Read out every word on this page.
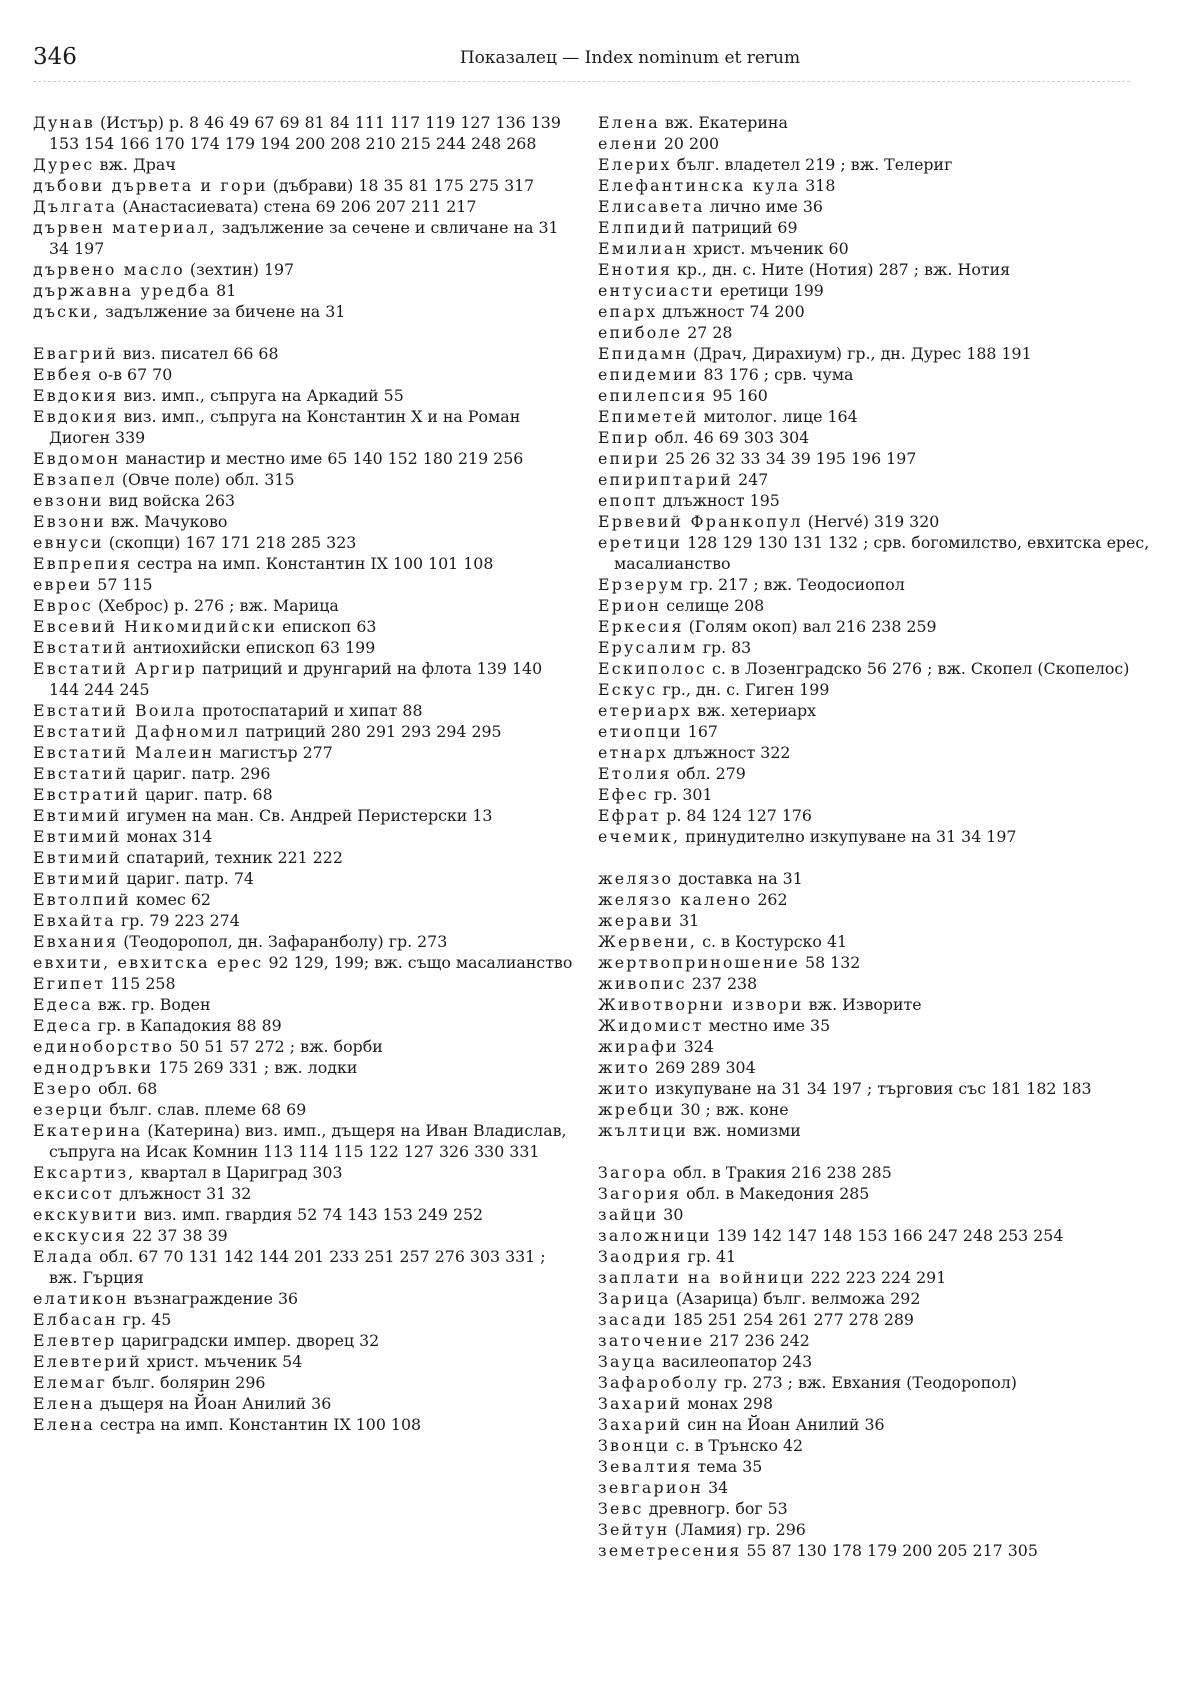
346	Показалец — Index nominum et rerum
Дунав (Истър) р. 8 46 49 67 69 81 84 111 117 119 127 136 139 153 154 166 170 174 179 194 200 208 210 215 244 248 268
Дурес вж. Драч
дъбови дървета и гори (дъбрави) 18 35 81 175 275 317
Дългата (Анастасиевата) стена 69 206 207 211 217
дървен материал, задължение за сечене и свличане на 31 34 197
дървено масло (зехтин) 197
държавна уредба 81
дъски, задължение за бичене на 31
Евагрий виз. писател 66 68
Евбея о-в 67 70
Евдокия виз. имп., съпруга на Аркадий 55
Евдокия виз. имп., съпруга на Константин X и на Роман Диоген 339
Евдомон манастир и местно име 65 140 152 180 219 256
Евзапел (Овче поле) обл. 315
евзони вид войска 263
Евзони вж. Мачуково
евнуси (скопци) 167 171 218 285 323
Евпрепия сестра на имп. Константин IX 100 101 108
евреи 57 115
Еврос (Хеброс) р. 276 ; вж. Марица
Евсевий Никомидийски епископ 63
Евстатий антиохийски епископ 63 199
Евстатий Аргир патриций и друнгарий на флота 139 140 144 244 245
Евстатий Воила протоспатарий и хипат 88
Евстатий Дафномил патриций 280 291 293 294 295
Евстатий Малеин магистър 277
Евстатий цариг. патр. 296
Евстратий цариг. патр. 68
Евтимий игумен на ман. Св. Андрей Перистерски 13
Евтимий монах 314
Евтимий спатарий, техник 221 222
Евтимий цариг. патр. 74
Евтолпий комес 62
Евхайта гр. 79 223 274
Евхания (Теодоропол, дн. Зафаранболу) гр. 273
евхити, евхитска ерес 92 129, 199; вж. също масалианство
Египет 115 258
Едеса вж. гр. Воден
Едеса гр. в Кападокия 88 89
единоборство 50 51 57 272 ; вж. борби
еднодръвки 175 269 331 ; вж. лодки
Езеро обл. 68
езерци бълг. слав. племе 68 69
Екатерина (Катерина) виз. имп., дъщеря на Иван Владислав, съпруга на Исак Комнин 113 114 115 122 127 326 330 331
Ексартиз, квартал в Цариград 303
ексисот длъжност 31 32
екскувити виз. имп. гвардия 52 74 143 153 249 252
екскусия 22 37 38 39
Елада обл. 67 70 131 142 144 201 233 251 257 276 303 331 ; вж. Гърция
елатикон възнаграждение 36
Елбасан гр. 45
Елевтер цариградски импер. дворец 32
Елевтерий христ. мъченик 54
Елемаг бълг. болярин 296
Елена дъщеря на Йоан Анилий 36
Елена сестра на имп. Константин IX 100 108
Елена вж. Екатерина
елени 20 200
Елерих бълг. владетел 219 ; вж. Телериг
Елефантинска кула 318
Елисавета лично име 36
Елпидий патриций 69
Емилиан христ. мъченик 60
Енотия кр., дн. с. Ните (Нотия) 287 ; вж. Нотия
ентусиасти еретици 199
епарх длъжност 74 200
епиболе 27 28
Епидамн (Драч, Дирахиум) гр., дн. Дурес 188 191
епидемии 83 176 ; срв. чума
епилепсия 95 160
Епиметей митолог. лице 164
Епир обл. 46 69 303 304
епири 25 26 32 33 34 39 195 196 197
епириптарий 247
епопт длъжност 195
Ервевий Франкопул (Hervé) 319 320
еретици 128 129 130 131 132 ; срв. богомилство, евхитска ерес, масалианство
Ерзерум гр. 217 ; вж. Теодосиопол
Ерион селище 208
Еркесия (Голям окоп) вал 216 238 259
Ерусалим гр. 83
Ескиполос с. в Лозенградско 56 276 ; вж. Скопел (Скопелос)
Ескус гр., дн. с. Гиген 199
етериарх вж. хетериарх
етиопци 167
етнарх длъжност 322
Етолия обл. 279
Ефес гр. 301
Ефрат р. 84 124 127 176
ечемик, принудително изкупуване на 31 34 197
желязо доставка на 31
желязо калено 262
жерави 31
Жервени, с. в Костурско 41
жертвоприношение 58 132
живопис 237 238
Животворни извори вж. Изворите
Жидомист местно име 35
жирафи 324
жито 269 289 304
жито изкупуване на 31 34 197 ; търговия със 181 182 183
жребци 30 ; вж. коне
жълтици вж. номизми
Загора обл. в Тракия 216 238 285
Загория обл. в Македония 285
зайци 30
заложници 139 142 147 148 153 166 247 248 253 254
Заодрия гр. 41
заплати на войници 222 223 224 291
Зарица (Азарица) бълг. велможа 292
засади 185 251 254 261 277 278 289
заточение 217 236 242
Зауца василеопатор 243
Зафароболу гр. 273 ; вж. Евхания (Теодоропол)
Захарий монах 298
Захарий син на Йоан Анилий 36
Звонци с. в Трънско 42
Зевалтия тема 35
зевгарион 34
Зевс древногр. бог 53
Зейтун (Ламия) гр. 296
земетресения 55 87 130 178 179 200 205 217 305
